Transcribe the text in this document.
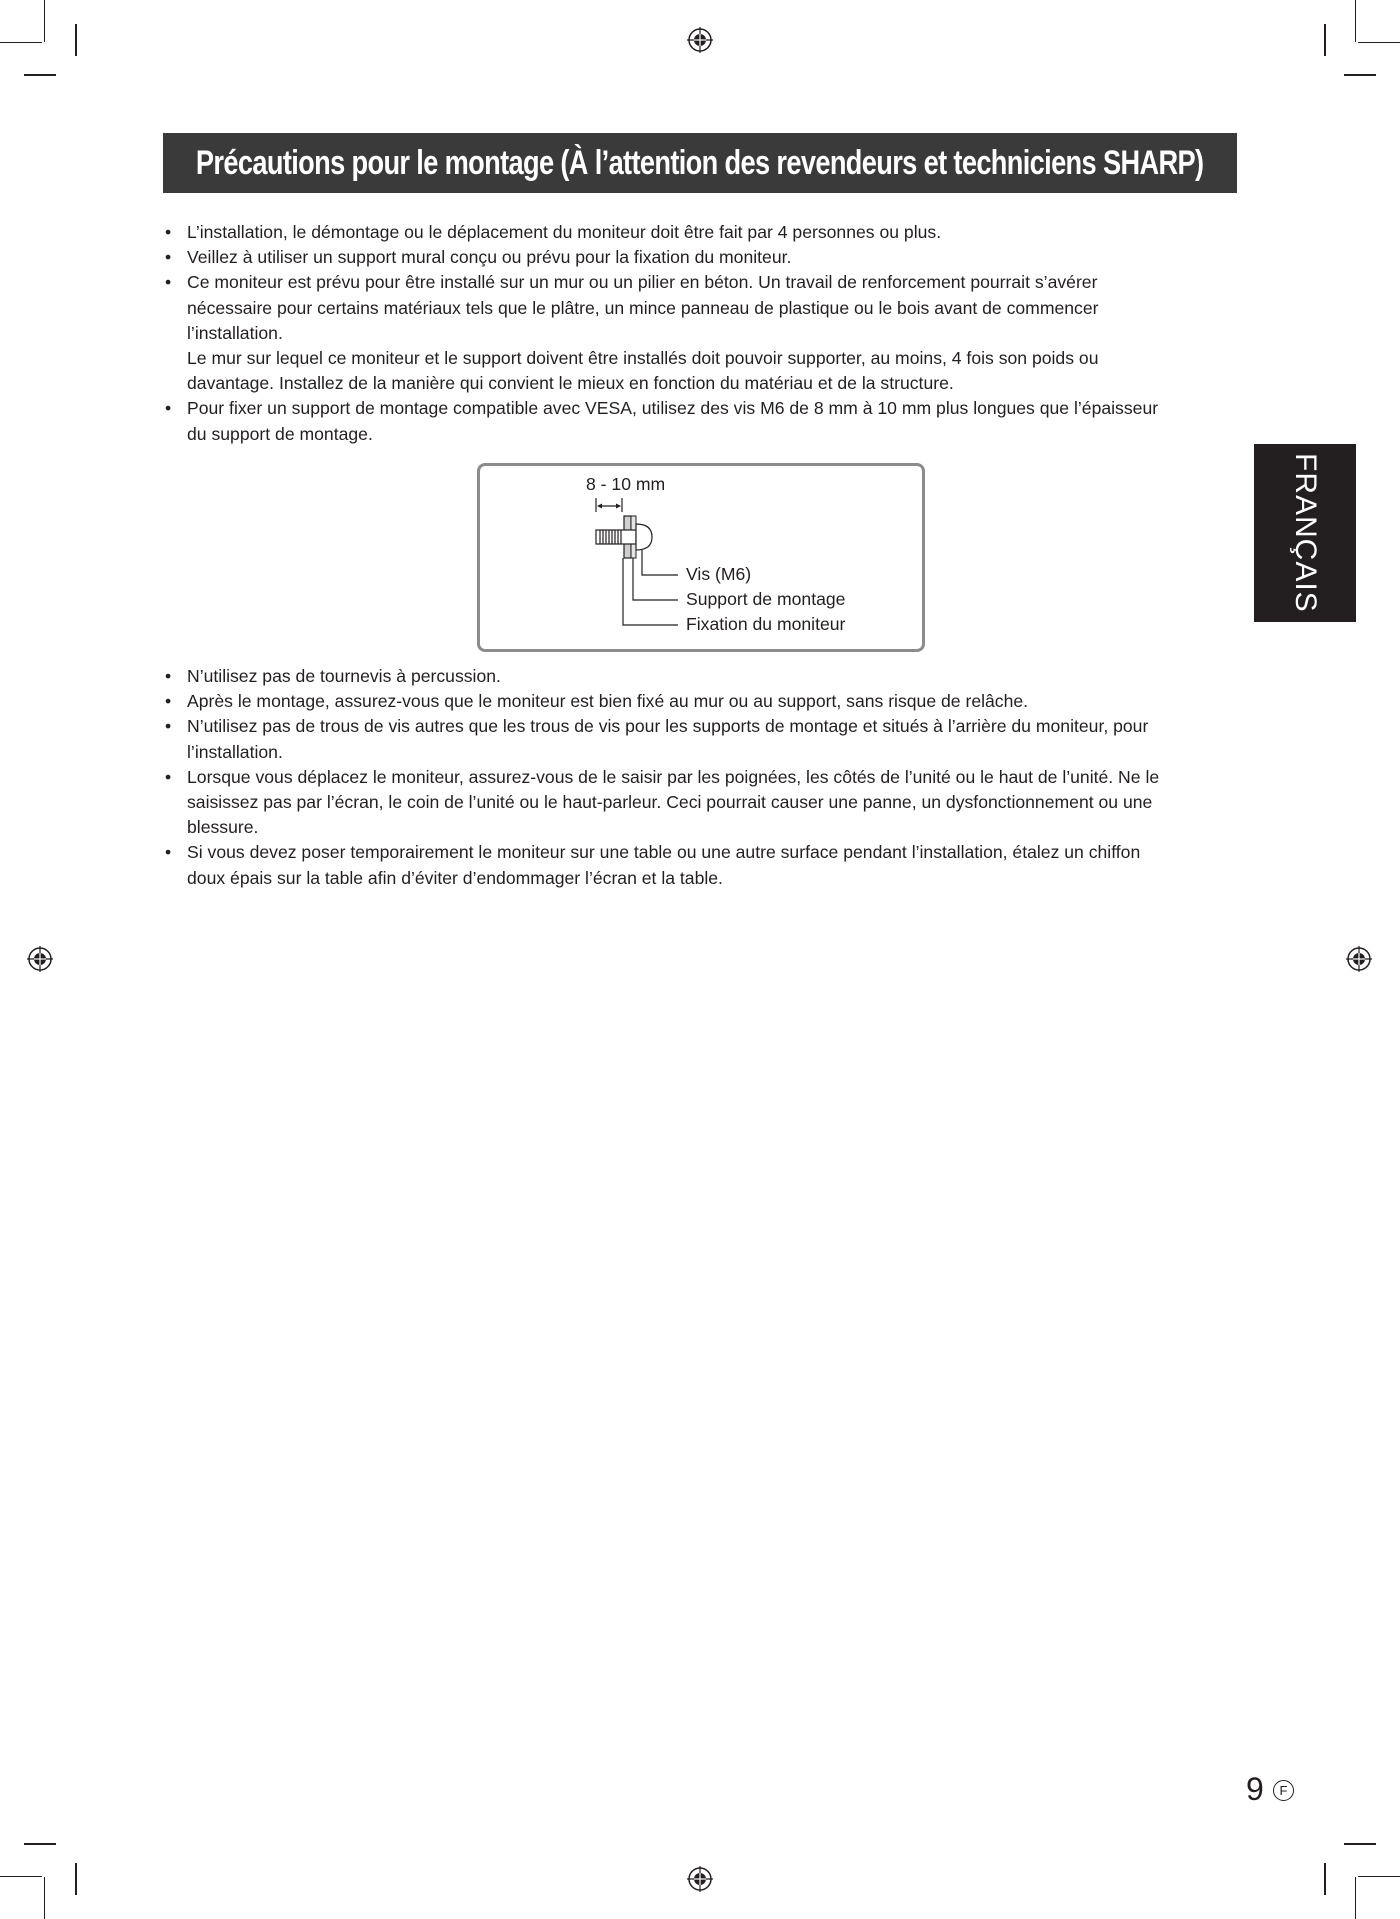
Précautions pour le montage (À l’attention des revendeurs et techniciens SHARP)

• L’installation, le démontage ou le déplacement du moniteur doit être fait par 4 personnes ou plus.

• Veillez à utiliser un support mural conçu ou prévu pour la fixation du moniteur.

• Ce moniteur est prévu pour être installé sur un mur ou un pilier en béton. Un travail de renforcement pourrait s’avérer

nécessaire pour certains matériaux tels que le plâtre, un mince panneau de plastique ou le bois avant de commencer

l’installation.

Le mur sur lequel ce moniteur et le support doivent être installés doit pouvoir supporter, au moins, 4 fois son poids ou

davantage. Installez de la manière qui convient le mieux en fonction du matériau et de la structure.

• Pour fixer un support de montage compatible avec VESA, utilisez des vis M6 de 8 mm à 10 mm plus longues que l’épaisseur

du support de montage.

8 - 10 mm
Vis (M6)
Support de montage
Fixation du moniteur

• N’utilisez pas de tournevis à percussion.

• Après le montage, assurez-vous que le moniteur est bien fixé au mur ou au support, sans risque de relâche.

• N’utilisez pas de trous de vis autres que les trous de vis pour les supports de montage et situés à l’arrière du moniteur, pour

l’installation.

• Lorsque vous déplacez le moniteur, assurez-vous de le saisir par les poignées, les côtés de l’unité ou le haut de l’unité. Ne le

saisissez pas par l’écran, le coin de l’unité ou le haut-parleur. Ceci pourrait causer une panne, un dysfonctionnement ou une

blessure.

• Si vous devez poser temporairement le moniteur sur une table ou une autre surface pendant l’installation, étalez un chiffon

doux épais sur la table afin d’éviter d’endommager l’écran et la table.

FRANÇAIS
9	F
